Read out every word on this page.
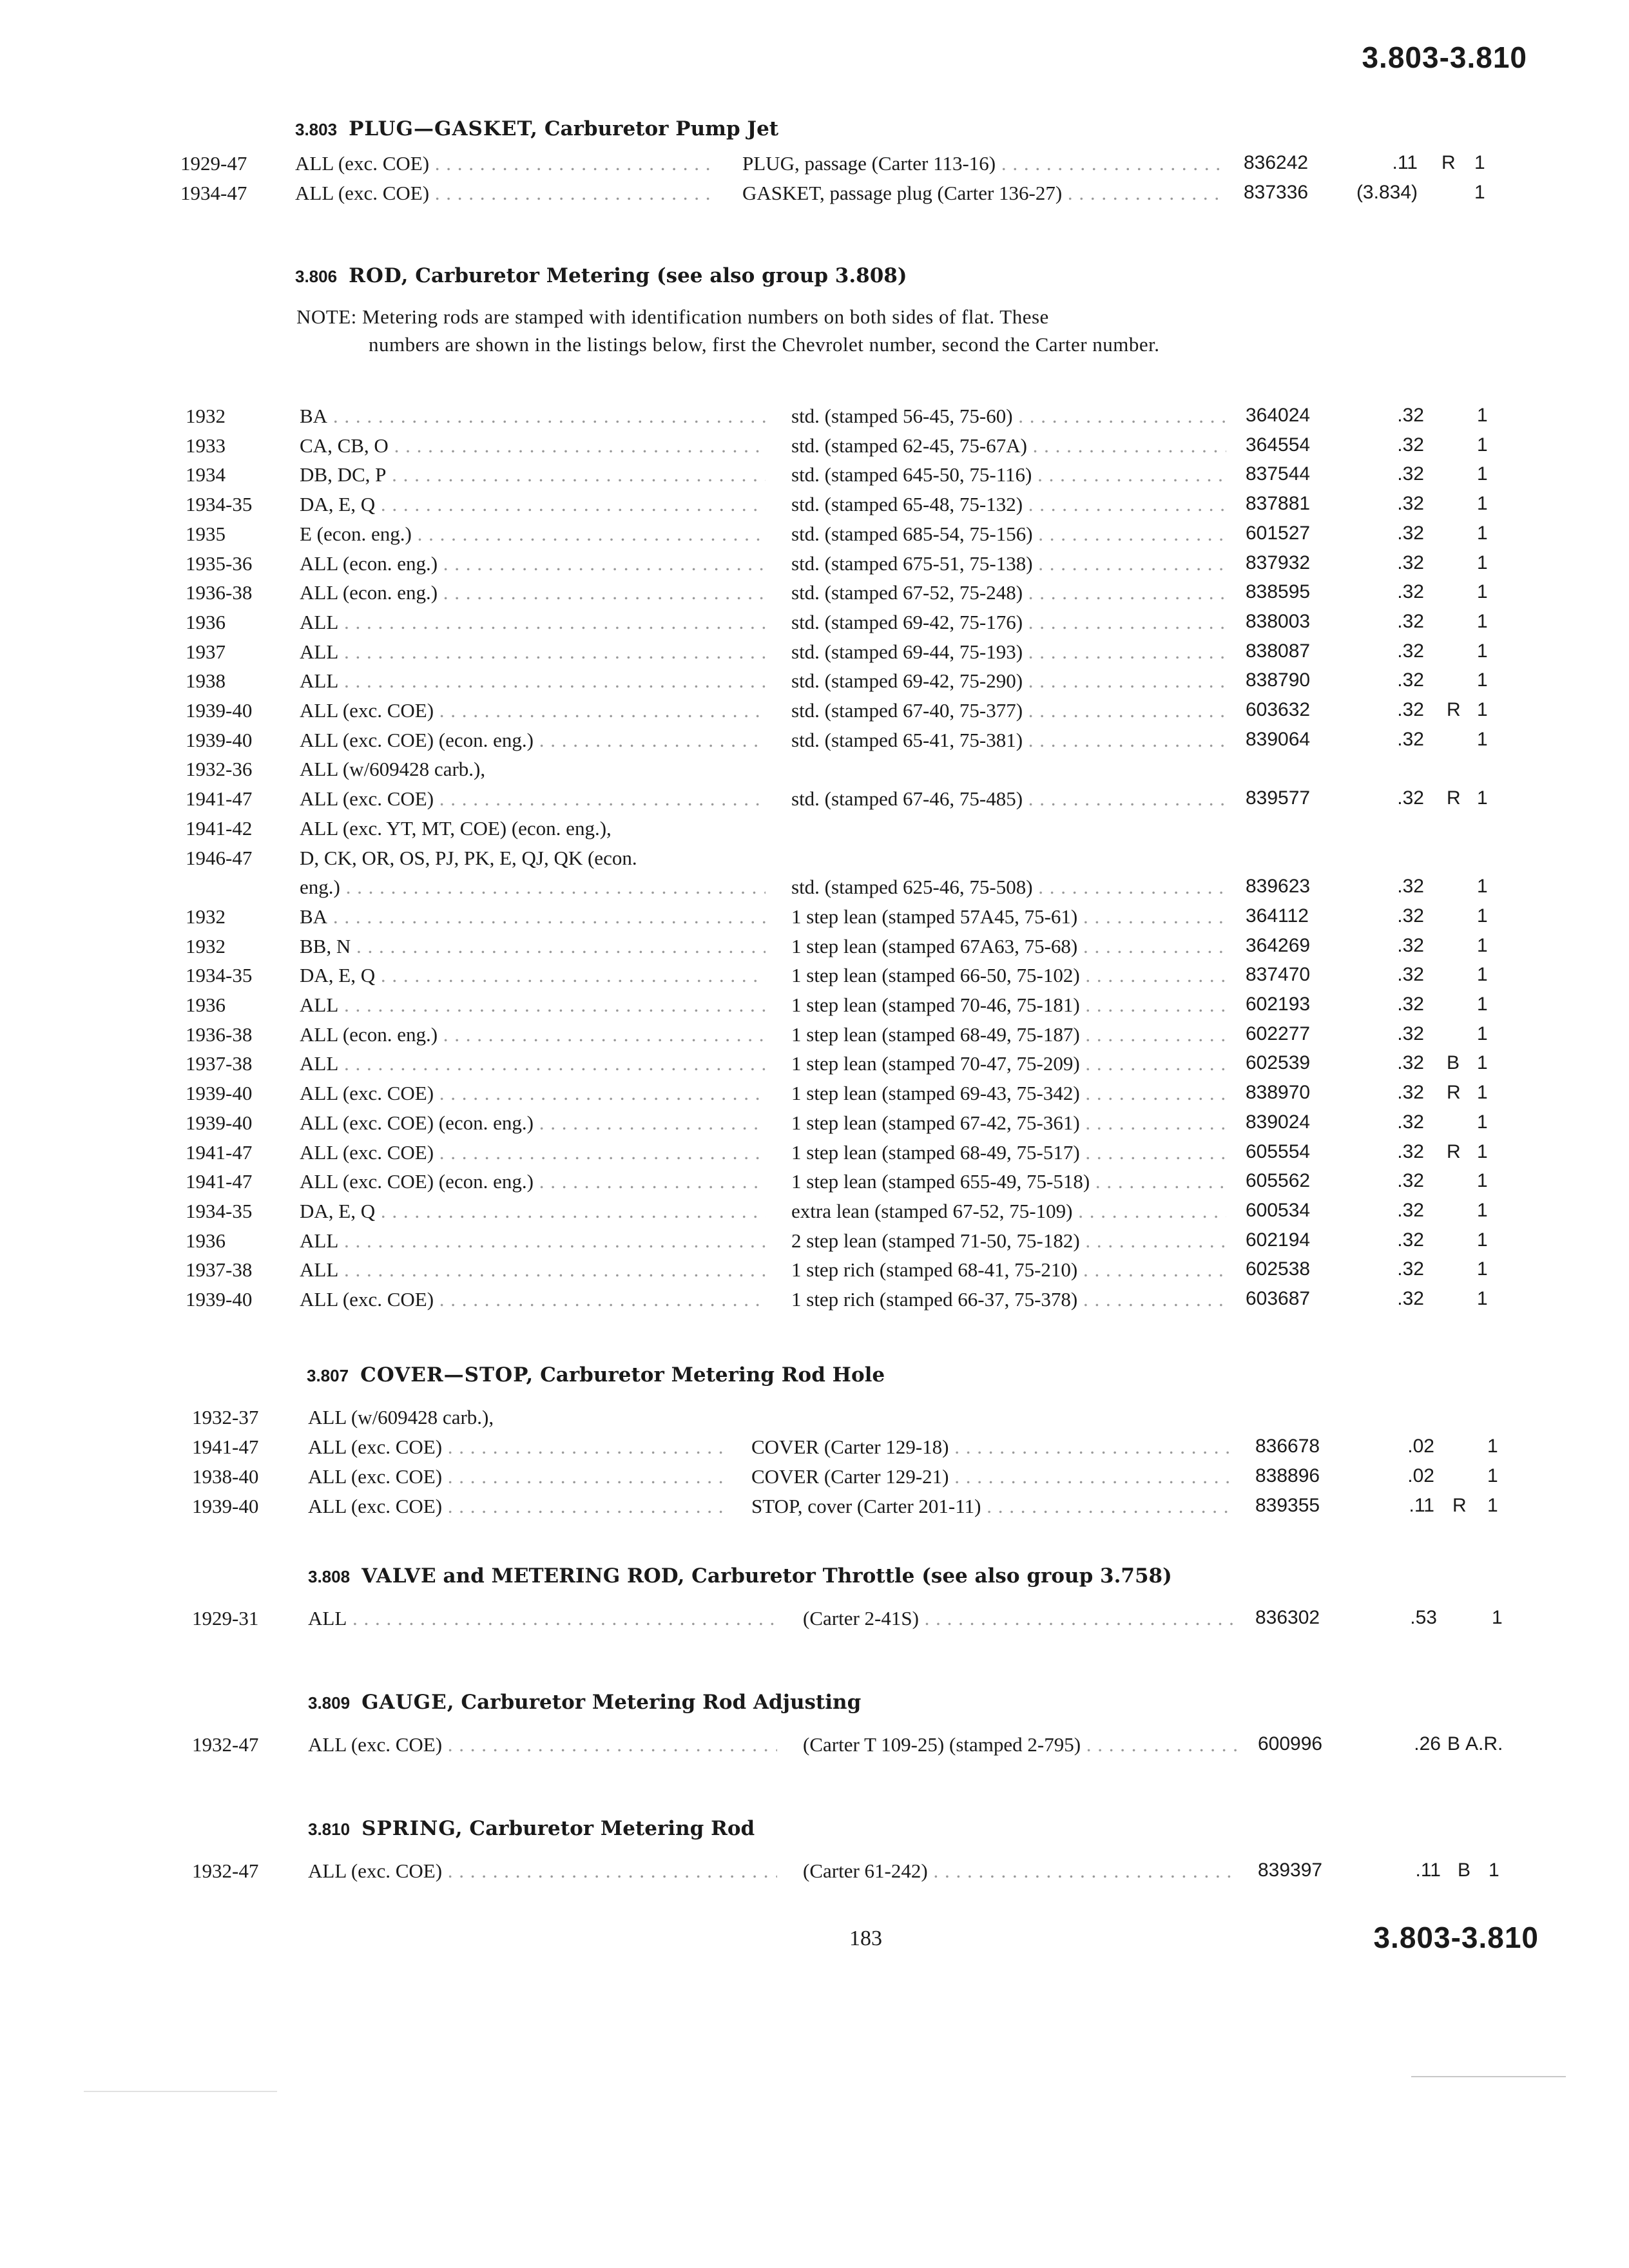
3.803-3.810
3.803 PLUG—GASKET, Carburetor Pump Jet
1929-47 ALL (exc. COE) . . .	PLUG, passage (Carter 113-16) . . .	836242	.11 R 1
1934-47 ALL (exc. COE) . . .	GASKET, passage plug (Carter 136-27) . . .	837336 (3.834)	1
3.806 ROD, Carburetor Metering (see also group 3.808)
NOTE: Metering rods are stamped with identification numbers on both sides of flat. These
numbers are shown in the listings below, first the Chevrolet number, second the Carter number.
1932	BA . . .	std. (stamped 56-45, 75-60) . . .	364024	.32	1
1933	CA, CB, O . . .	std. (stamped 62-45, 75-67A) . . .	364554	.32	1
1934	DB, DC, P . . .	std. (stamped 645-50, 75-116) . . .	837544	.32	1
1934-35 DA, E, Q . . .	std. (stamped 65-48, 75-132) . . .	837881	.32	1
1935	E (econ. eng.) . . .	std. (stamped 685-54, 75-156) . . .	601527	.32	1
1935-36 ALL (econ. eng.) . . .	std. (stamped 675-51, 75-138) . . .	837932	.32	1
1936-38 ALL (econ. eng.) . . .	std. (stamped 67-52, 75-248) . . .	838595	.32	1
1936	ALL . . .	std. (stamped 69-42, 75-176) . . .	838003	.32	1
1937	ALL . . .	std. (stamped 69-44, 75-193) . . .	838087	.32	1
1938	ALL . . .	std. (stamped 69-42, 75-290) . . .	838790	.32	1
1939-40 ALL (exc. COE) . . .	std. (stamped 67-40, 75-377) . . .	603632	.32 R 1
1939-40 ALL (exc. COE) (econ. eng.) . . .	std. (stamped 65-41, 75-381) . . .	839064	.32	1
1932-36 ALL (w/609428 carb.),
1941-47 ALL (exc. COE) . . .	std. (stamped 67-46, 75-485) . . .	839577	.32 R 1
1941-42 ALL (exc. YT, MT, COE) (econ. eng.),
1946-47 D, CK, OR, OS, PJ, PK, E, QJ, QK (econ.
eng.) . . .	std. (stamped 625-46, 75-508) . . .	839623	.32	1
1932	BA . . .	1 step lean (stamped 57A45, 75-61) . . .	364112	.32	1
1932	BB, N . . .	1 step lean (stamped 67A63, 75-68) . . .	364269	.32	1
1934-35 DA, E, Q . . .	1 step lean (stamped 66-50, 75-102) . . .	837470	.32	1
1936	ALL . . .	1 step lean (stamped 70-46, 75-181) . . .	602193	.32	1
1936-38 ALL (econ. eng.) . . .	1 step lean (stamped 68-49, 75-187) . . .	602277	.32	1
1937-38 ALL . . .	1 step lean (stamped 70-47, 75-209) . . .	602539	.32 B 1
1939-40 ALL (exc. COE) . . .	1 step lean (stamped 69-43, 75-342) . . .	838970	.32 R 1
1939-40 ALL (exc. COE) (econ. eng.) . . .	1 step lean (stamped 67-42, 75-361) . . .	839024	.32	1
1941-47 ALL (exc. COE) . . .	1 step lean (stamped 68-49, 75-517) . . .	605554	.32 R 1
1941-47 ALL (exc. COE) (econ. eng.) . . .	1 step lean (stamped 655-49, 75-518) . . .	605562	.32	1
1934-35 DA, E, Q . . .	extra lean (stamped 67-52, 75-109) . . .	600534	.32	1
1936	ALL . . .	2 step lean (stamped 71-50, 75-182) . . .	602194	.32	1
1937-38 ALL . . .	1 step rich (stamped 68-41, 75-210) . . .	602538	.32	1
1939-40 ALL (exc. COE) . . .	1 step rich (stamped 66-37, 75-378) . . .	603687	.32	1
3.807 COVER—STOP, Carburetor Metering Rod Hole
1932-37 ALL (w/609428 carb.),
1941-47 ALL (exc. COE) . . .	COVER (Carter 129-18) . . .	836678	.02	1
1938-40 ALL (exc. COE) . . .	COVER (Carter 129-21) . . .	838896	.02	1
1939-40 ALL (exc. COE) . . .	STOP, cover (Carter 201-11) . . .	839355	.11 R 1
3.808 VALVE and METERING ROD, Carburetor Throttle (see also group 3.758)
1929-31 ALL . . .	(Carter 2-41S) . . .	836302	.53	1
3.809 GAUGE, Carburetor Metering Rod Adjusting
1932-47 ALL (exc. COE) . . .	(Carter T 109-25) (stamped 2-795) . . .	600996	.26 B A.R.
3.810 SPRING, Carburetor Metering Rod
1932-47 ALL (exc. COE) . . .	(Carter 61-242) . . .	839397	.11 B 1
183	3.803-3.810
